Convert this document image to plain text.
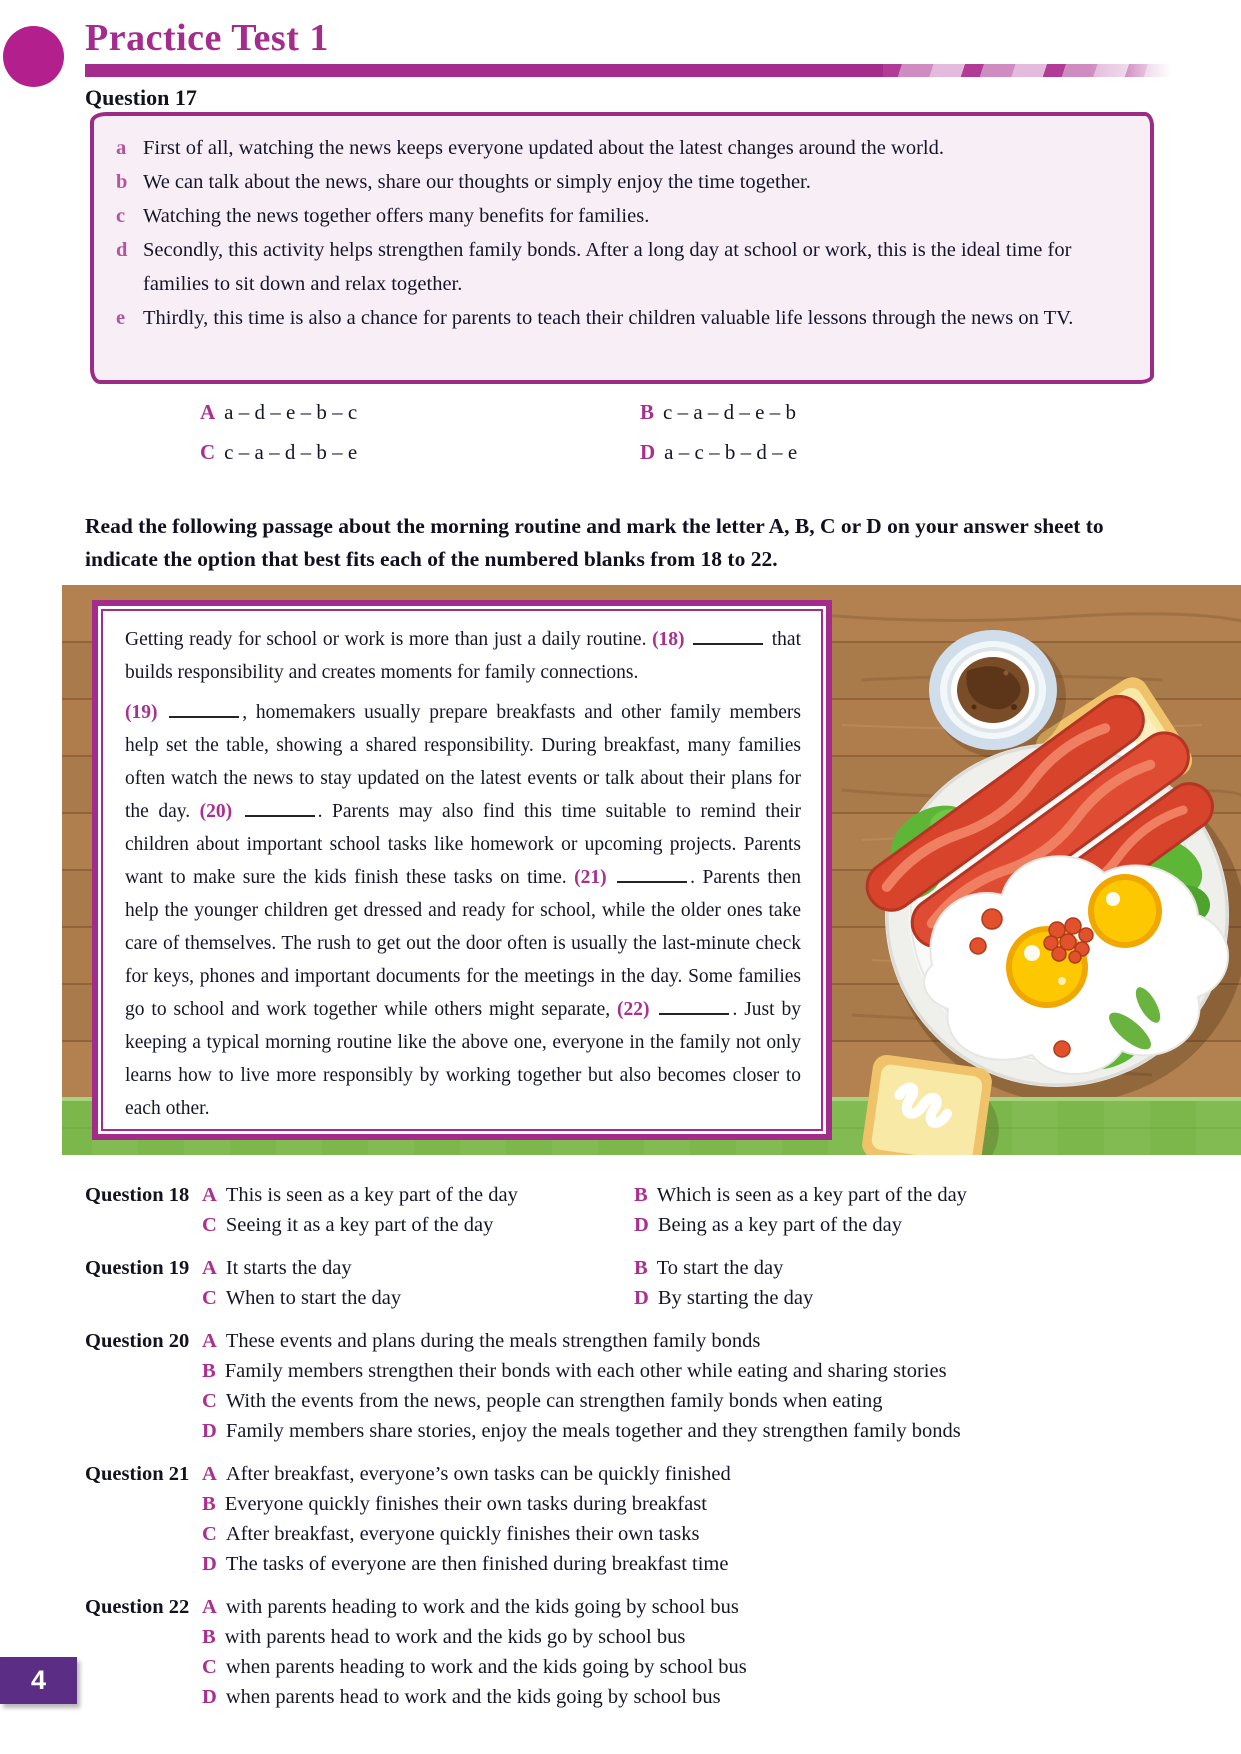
Practice Test 1
4
Practice Test 1
Question 17
a First of all, watching the news keeps everyone updated about the latest changes around the world.
b We can talk about the news, share our thoughts or simply enjoy the time together.
c Watching the news together offers many benefits for families.
d Secondly, this activity helps strengthen family bonds. After a long day at school or work, this is the ideal time for families to sit down and relax together.
e Thirdly, this time is also a chance for parents to teach their children valuable life lessons through the news on TV.
A a – d – e – b – c	B c – a – d – e – b
C c – a – d – b – e	D a – c – b – d – e
Read the following passage about the morning routine and mark the letter A, B, C or D on your answer sheet to indicate the option that best fits each of the numbered blanks from 18 to 22.

Getting ready for school or work is more than just a daily routine. (18)	that builds responsibility and creates moments for family connections.

(19)	, homemakers usually prepare breakfasts and other family members help set the table, showing a shared responsibility. During breakfast, many families often watch the news to stay updated on the latest events or talk about their plans for the day. (20)	. Parents may also find this time suitable to remind their children about important school tasks like homework or upcoming projects. Parents want to make sure the kids finish these tasks on time. (21)	. Parents then help the younger children get dressed and ready for school, while the older ones take care of themselves. The rush to get out the door often is usually the last-minute check for keys, phones and important documents for the meetings in the day. Some families go to school and work together while others might separate, (22)	. Just by keeping a typical morning routine like the above one, everyone in the family not only learns how to live more responsibly by working together but also becomes closer to each other.

Question 18 A This is seen as a key part of the day	B Which is seen as a key part of the day
C Seeing it as a key part of the day	D Being as a key part of the day
Question 19 A It starts the day	B To start the day
C When to start the day	D By starting the day
Question 20 A These events and plans during the meals strengthen family bonds
B Family members strengthen their bonds with each other while eating and sharing stories
C With the events from the news, people can strengthen family bonds when eating
D Family members share stories, enjoy the meals together and they strengthen family bonds
Question 21 A After breakfast, everyone’s own tasks can be quickly finished
B Everyone quickly finishes their own tasks during breakfast
C After breakfast, everyone quickly finishes their own tasks
D The tasks of everyone are then finished during breakfast time
Question 22 A with parents heading to work and the kids going by school bus
B with parents head to work and the kids go by school bus
C when parents heading to work and the kids going by school bus
D when parents head to work and the kids going by school bus
